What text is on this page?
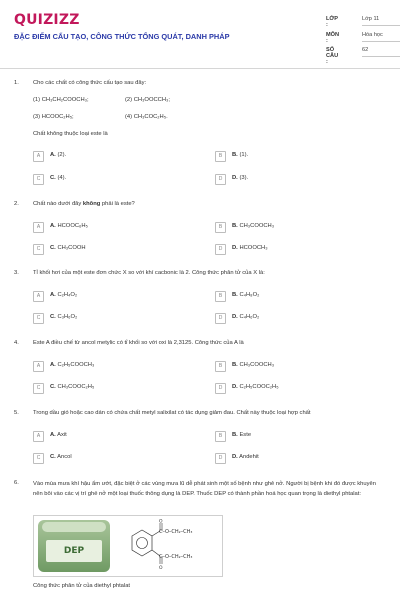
QUIZIZZ
ĐẶC ĐIỂM CẤU TẠO, CÔNG THỨC TỔNG QUÁT, DANH PHÁP
LỚP :
Lớp 11
MÔN :
Hóa học
SỐ CÂU :
62
1. Cho các chất có công thức cấu tạo sau đây:
(1) CH₃CH₂COOCH₃;	(2) CH₃OOCCH₃;
(3) HCOOC₂H₅;	(4) CH₃COC₂H₅.
Chất không thuộc loại este là
A	A. (2).	B	B. (1).
C	C. (4).	D	D. (3).
2. Chất nào dưới đây không phải là este?
A	A. HCOOC₆H₅	B	B. CH₃COOCH₃
C	C. CH₃COOH	D	D. HCOOCH₃
3. Tỉ khối hơi của một este đơn chức X so với khí cacbonic là 2. Công thức phân tử của X là:
A	A. C₂H₄O₂	B	B. C₄H₈O₂
C	C. C₃H₆O₂	D	D. C₄H₆O₂
4. Este A điều chế từ ancol metylic có tỉ khối so với oxi là 2,3125. Công thức của A là
A	A. C₂H₅COOCH₃	B	B. CH₃COOCH₃
C	C. CH₃COOC₂H₅	D	D. C₂H₅COOC₂H₅
5. Trong dầu gió hoặc cao dán có chứa chất metyl salixilat có tác dụng giảm đau. Chất này thuộc loại hợp chất
A	A. Axit	B	B. Este
C	C. Ancol	D	D. Andehit
6. Vào mùa mưa khí hậu ẩm ướt, đặc biệt ở các vùng mưa lũ dễ phát sinh một số bệnh như ghẻ nở. Người bị bệnh khi đó được khuyên nên bôi vào các vị trí ghẻ nở một loại thuốc thông dụng là DEP. Thuốc DEP có thành phần hoá học quan trọng là diethyl phtalat:
DEP
O
O
C–O–CH₂–CH₃
C–O–CH₂–CH₃
Công thức phân tử của diethyl phtalat
